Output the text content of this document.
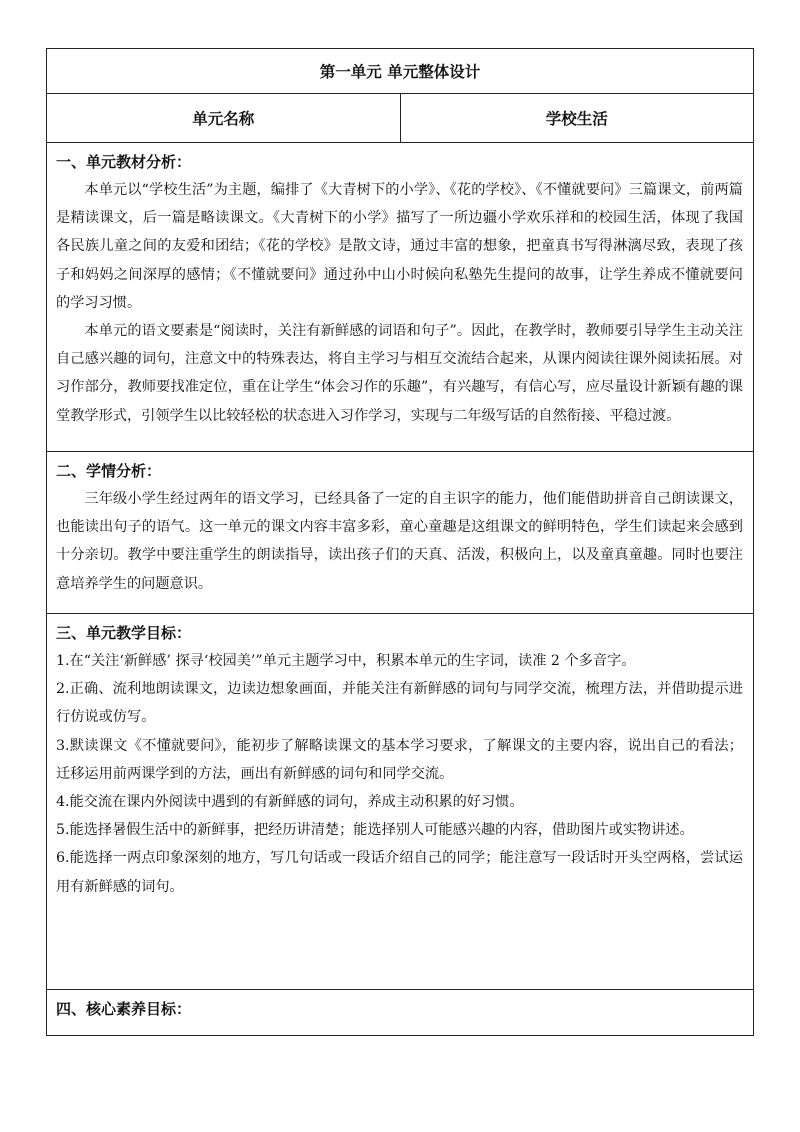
第一单元 单元整体设计
单元名称	学校生活

一、单元教材分析：

本单元以“学校生活”为主题，编排了《大青树下的小学》、《花的学校》、《不懂就要问》三篇课文，前两篇是精读课文，后一篇是略读课文。《大青树下的小学》描写了一所边疆小学欢乐祥和的校园生活，体现了我国各民族儿童之间的友爱和团结；《花的学校》是散文诗，通过丰富的想象，把童真书写得淋漓尽致，表现了孩子和妈妈之间深厚的感情；《不懂就要问》通过孙中山小时候向私塾先生提问的故事，让学生养成不懂就要问的学习习惯。

本单元的语文要素是“阅读时，关注有新鲜感的词语和句子”。因此，在教学时，教师要引导学生主动关注自己感兴趣的词句，注意文中的特殊表达，将自主学习与相互交流结合起来，从课内阅读往课外阅读拓展。对习作部分，教师要找准定位，重在让学生“体会习作的乐趣”，有兴趣写，有信心写，应尽量设计新颖有趣的课堂教学形式，引领学生以比较轻松的状态进入习作学习，实现与二年级写话的自然衔接、平稳过渡。

二、学情分析：

三年级小学生经过两年的语文学习，已经具备了一定的自主识字的能力，他们能借助拼音自己朗读课文，也能读出句子的语气。这一单元的课文内容丰富多彩，童心童趣是这组课文的鲜明特色，学生们读起来会感到十分亲切。教学中要注重学生的朗读指导，读出孩子们的天真、活泼，积极向上，以及童真童趣。同时也要注意培养学生的问题意识。

三、单元教学目标：

1.在“关注‘新鲜感’ 探寻‘校园美’”单元主题学习中，积累本单元的生字词，读准 2 个多音字。

2.正确、流利地朗读课文，边读边想象画面，并能关注有新鲜感的词句与同学交流，梳理方法，并借助提示进行仿说或仿写。

3.默读课文《不懂就要问》，能初步了解略读课文的基本学习要求，了解课文的主要内容，说出自己的看法；迁移运用前两课学到的方法，画出有新鲜感的词句和同学交流。

4.能交流在课内外阅读中遇到的有新鲜感的词句，养成主动积累的好习惯。

5.能选择暑假生活中的新鲜事，把经历讲清楚；能选择别人可能感兴趣的内容，借助图片或实物讲述。

6.能选择一两点印象深刻的地方，写几句话或一段话介绍自己的同学；能注意写一段话时开头空两格，尝试运用有新鲜感的词句。

四、核心素养目标：
